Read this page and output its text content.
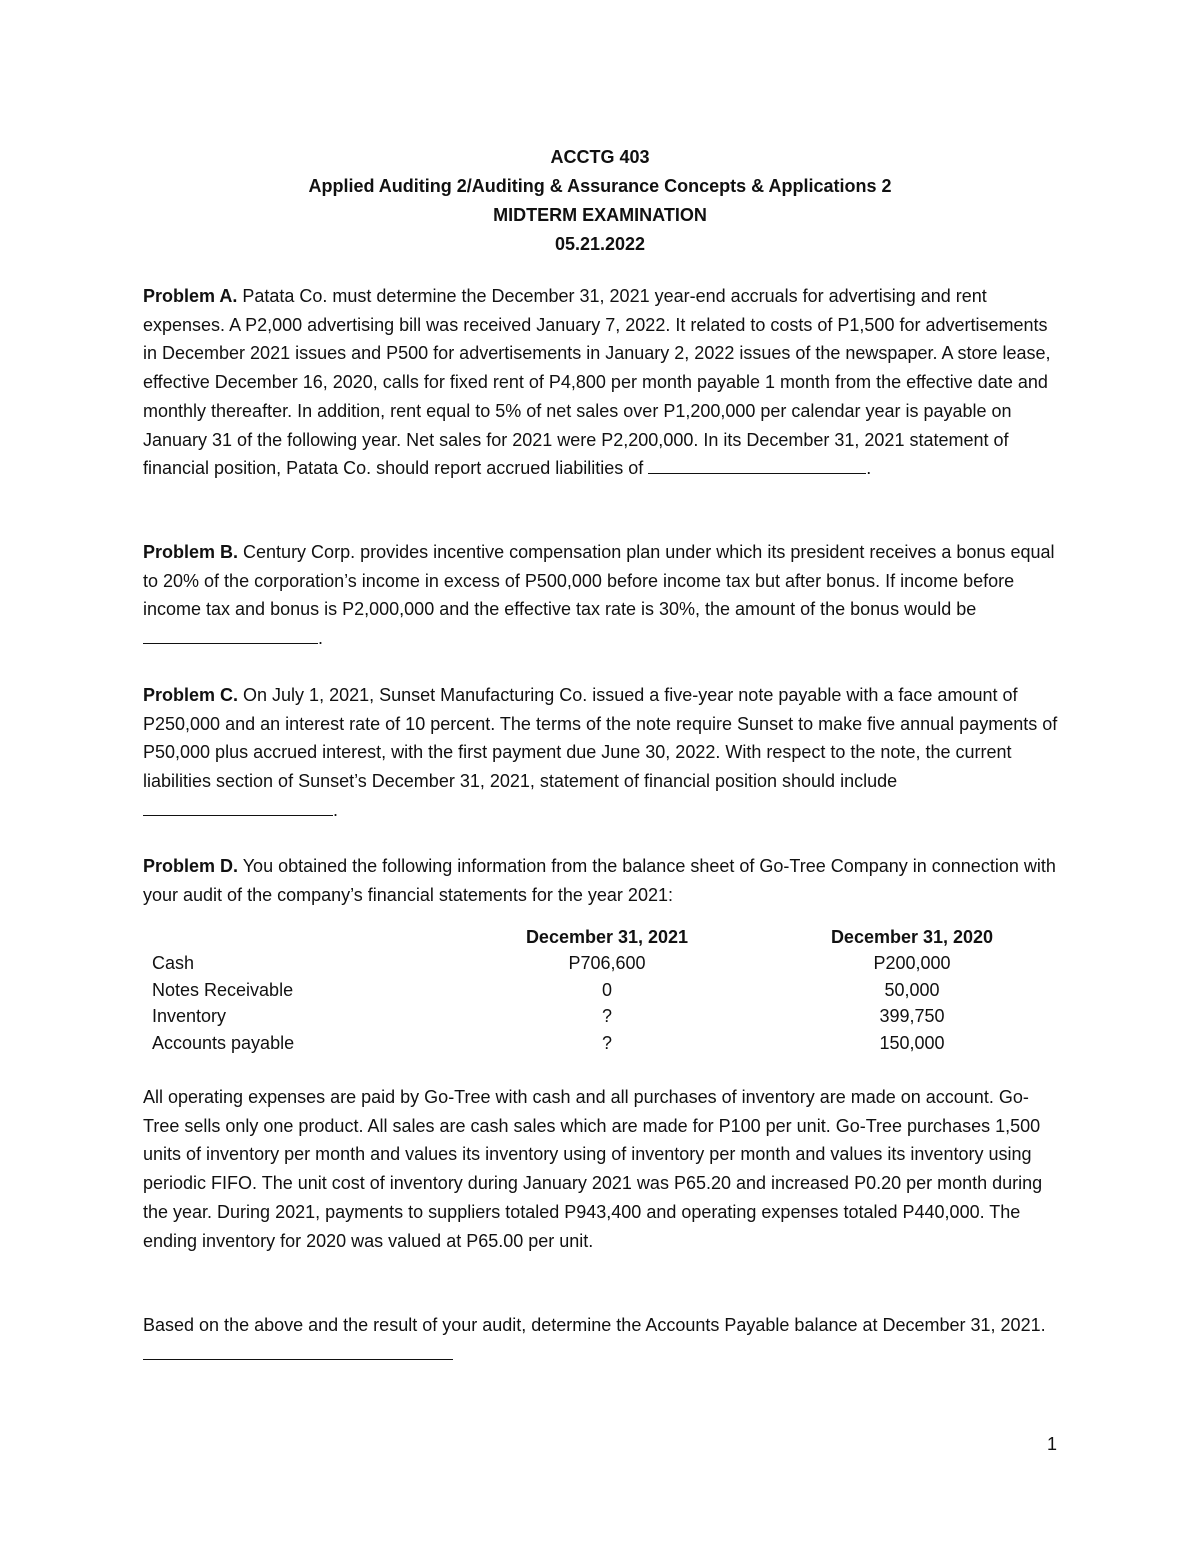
ACCTG 403
Applied Auditing 2/Auditing & Assurance Concepts & Applications 2
MIDTERM EXAMINATION
05.21.2022

Problem A. Patata Co. must determine the December 31, 2021 year-end accruals for advertising and rent expenses. A P2,000 advertising bill was received January 7, 2022. It related to costs of P1,500 for advertisements in December 2021 issues and P500 for advertisements in January 2, 2022 issues of the newspaper. A store lease, effective December 16, 2020, calls for fixed rent of P4,800 per month payable 1 month from the effective date and monthly thereafter. In addition, rent equal to 5% of net sales over P1,200,000 per calendar year is payable on January 31 of the following year. Net sales for 2021 were P2,200,000. In its December 31, 2021 statement of financial position, Patata Co. should report accrued liabilities of	.

Problem B. Century Corp. provides incentive compensation plan under which its president receives a bonus equal to 20% of the corporation’s income in excess of P500,000 before income tax but after bonus. If income before income tax and bonus is P2,000,000 and the effective tax rate is 30%, the amount of the bonus would be .

Problem C. On July 1, 2021, Sunset Manufacturing Co. issued a five-year note payable with a face amount of P250,000 and an interest rate of 10 percent. The terms of the note require Sunset to make five annual payments of P50,000 plus accrued interest, with the first payment due June 30, 2022. With respect to the note, the current liabilities section of Sunset’s December 31, 2021, statement of financial position should include .

Problem D. You obtained the following information from the balance sheet of Go-Tree Company in connection with your audit of the company’s financial statements for the year 2021:

	December 31, 2021	December 31, 2020
Cash	P706,600	P200,000
Notes Receivable	0	50,000
Inventory	?	399,750
Accounts payable	?	150,000

All operating expenses are paid by Go-Tree with cash and all purchases of inventory are made on account. Go-Tree sells only one product. All sales are cash sales which are made for P100 per unit. Go-Tree purchases 1,500 units of inventory per month and values its inventory using of inventory per month and values its inventory using periodic FIFO. The unit cost of inventory during January 2021 was P65.20 and increased P0.20 per month during the year. During 2021, payments to suppliers totaled P943,400 and operating expenses totaled P440,000. The ending inventory for 2020 was valued at P65.00 per unit.

Based on the above and the result of your audit, determine the Accounts Payable balance at December 31, 2021.

1
